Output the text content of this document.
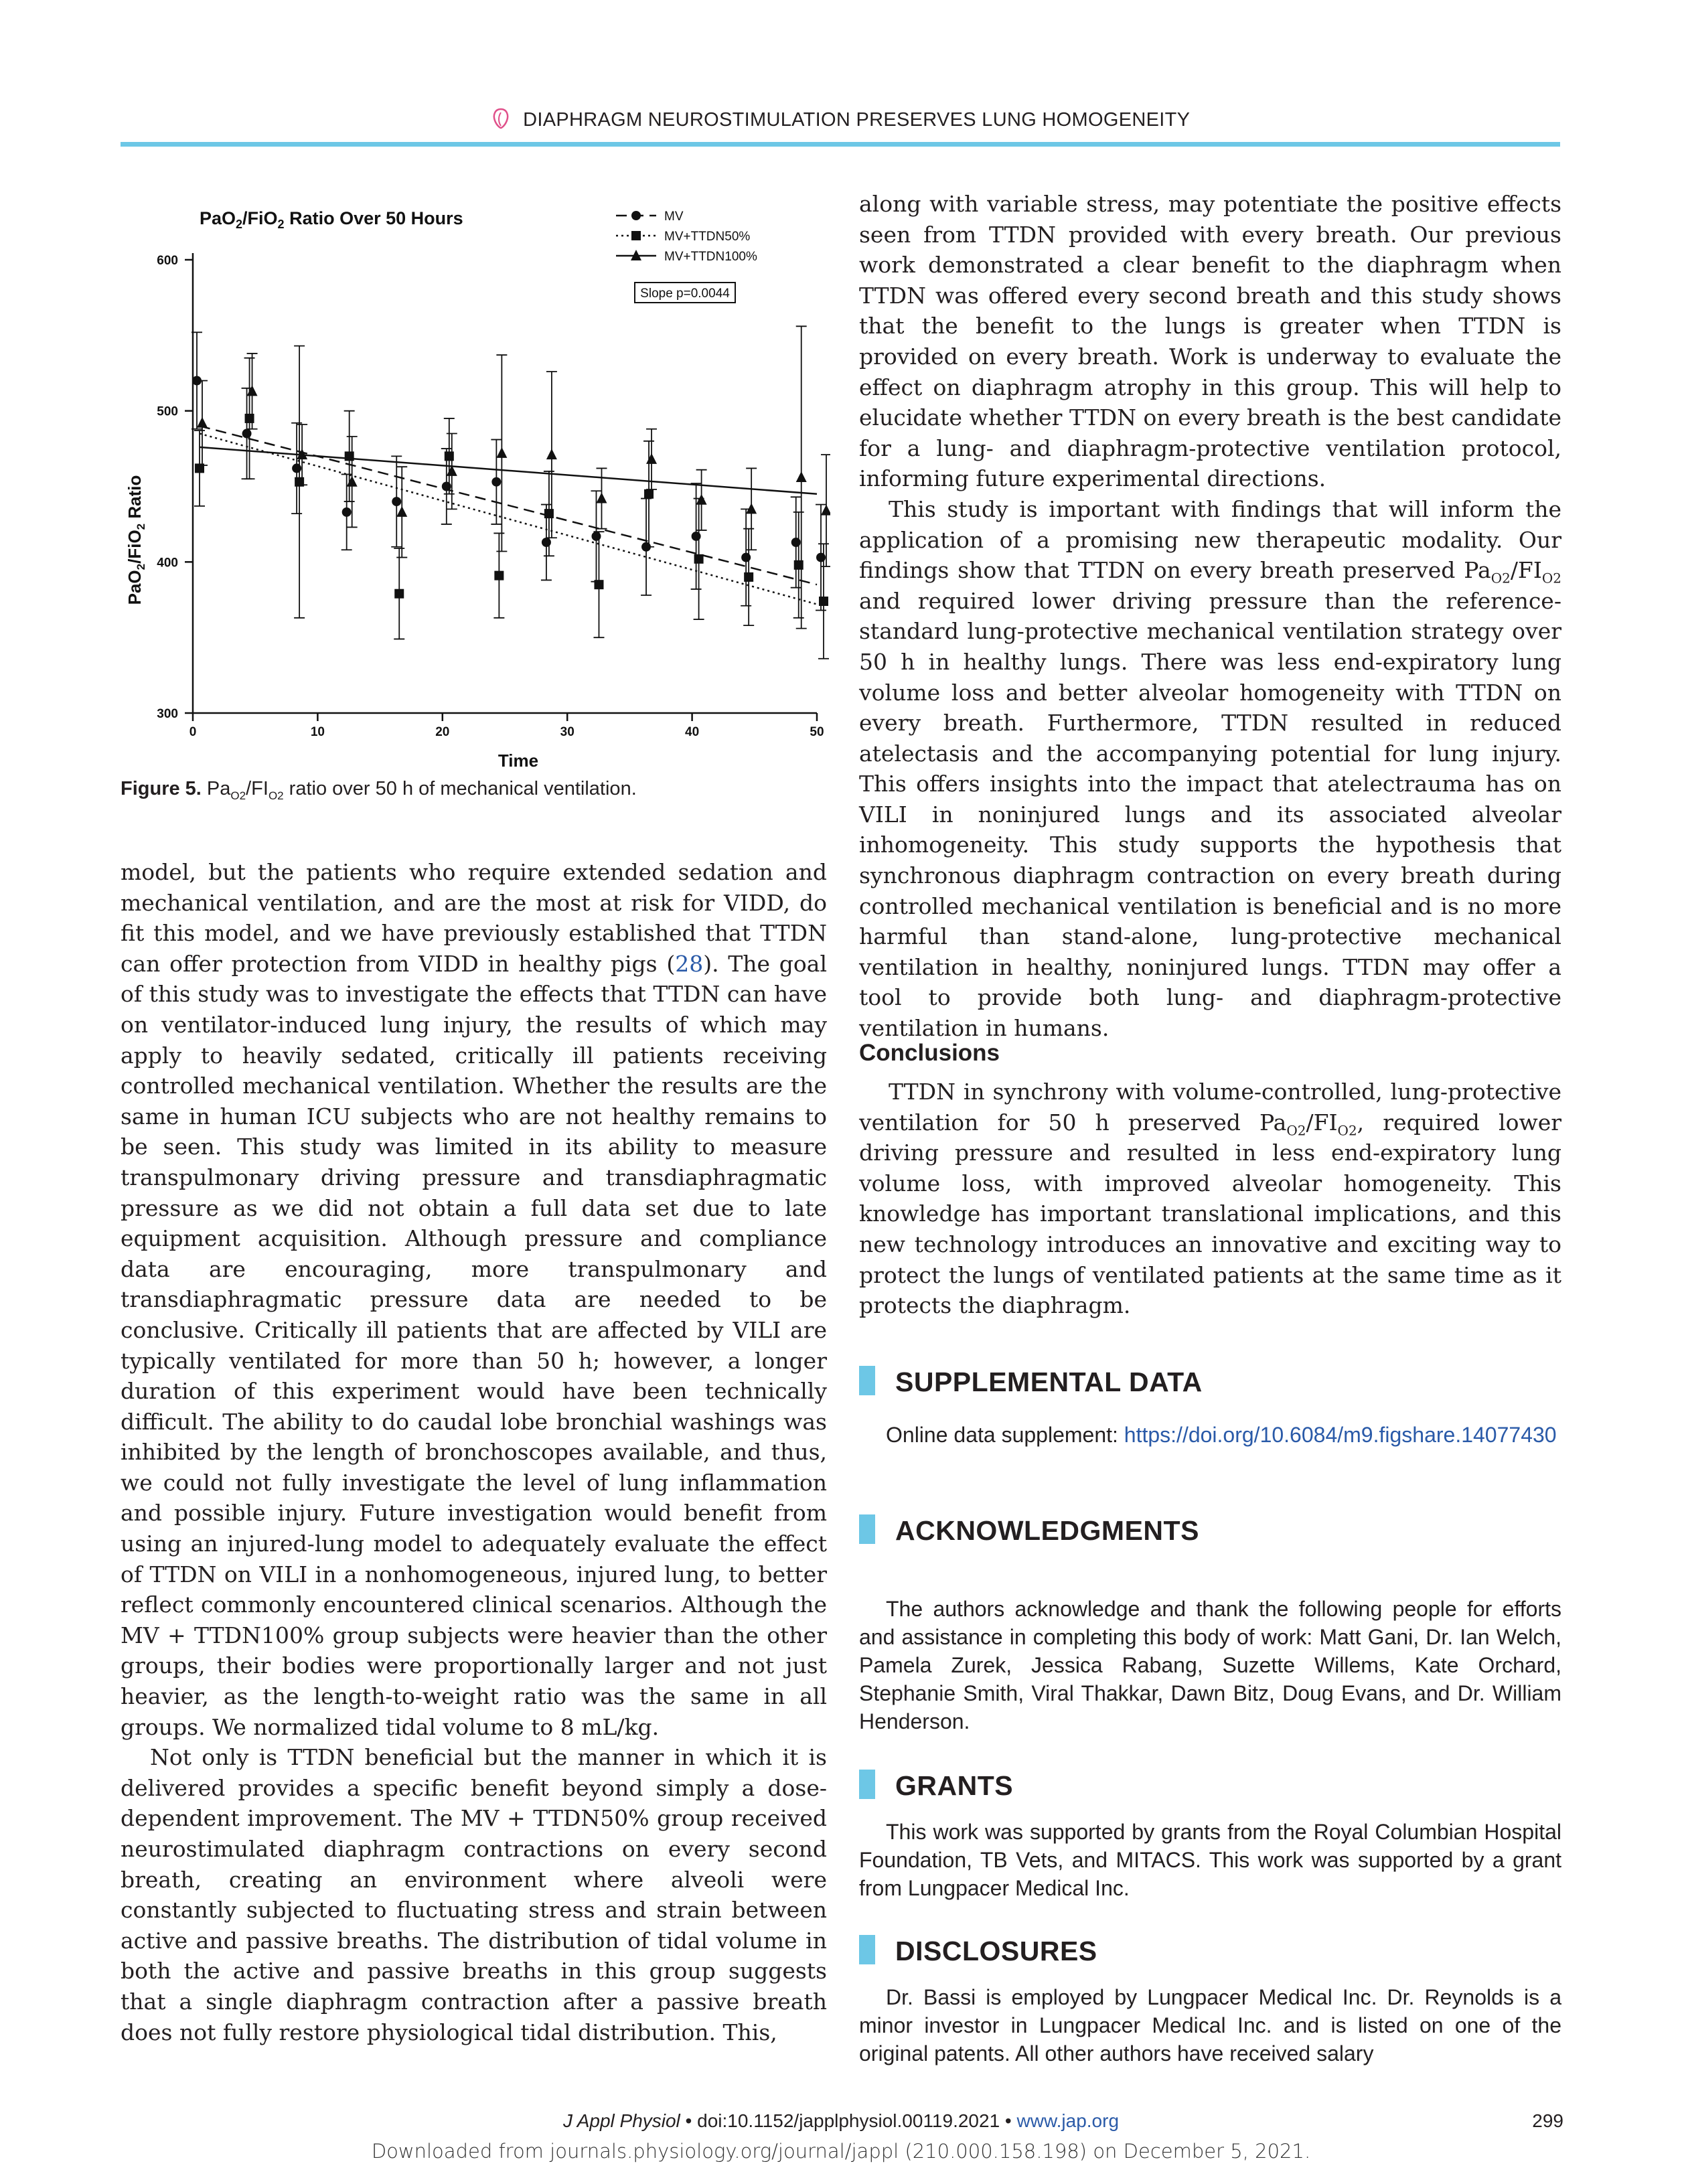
DIAPHRAGM NEUROSTIMULATION PRESERVES LUNG HOMOGENEITY
PaO$_2$/FiO$_2$ Ratio Over 50 Hours
PaO$_2$/FiO$_2$ Ratio
Time
300
400
500
600
0	10	20	30	40	50
MV
MV+TTDN50%
MV+TTDN100%
Slope p=0.0044
Figure 5. $Pa_{O2}/FI_{O2}$ ratio over 50 h of mechanical ventilation.

model, but the patients who require extended sedation and mechanical ventilation, and are the most at risk for VIDD, do fit this model, and we have previously established that TTDN can offer protection from VIDD in healthy pigs (28). The goal of this study was to investigate the effects that TTDN can have on ventilator-induced lung injury, the results of which may apply to heavily sedated, critically ill patients receiving controlled mechanical ventilation. Whether the results are the same in human ICU subjects who are not healthy remains to be seen. This study was limited in its ability to measure transpulmonary driving pressure and transdiaphragmatic pressure as we did not obtain a full data set due to late equipment acquisition. Although pressure and compliance data are encouraging, more transpulmonary and transdiaphragmatic pressure data are needed to be conclusive. Critically ill patients that are affected by VILI are typically ventilated for more than 50 h; however, a longer duration of this experiment would have been technically difficult. The ability to do caudal lobe bronchial washings was inhibited by the length of bronchoscopes available, and thus, we could not fully investigate the level of lung inflammation and possible injury. Future investigation would benefit from using an injured-lung model to adequately evaluate the effect of TTDN on VILI in a nonhomogeneous, injured lung, to better reflect commonly encountered clinical scenarios. Although the MV + TTDN100% group subjects were heavier than the other groups, their bodies were proportionally larger and not just heavier, as the length-to-weight ratio was the same in all groups. We normalized tidal volume to 8 mL/kg.

Not only is TTDN beneficial but the manner in which it is delivered provides a specific benefit beyond simply a dose-dependent improvement. The MV + TTDN50% group received neurostimulated diaphragm contractions on every second breath, creating an environment where alveoli were constantly subjected to fluctuating stress and strain between active and passive breaths. The distribution of tidal volume in both the active and passive breaths in this group suggests that a single diaphragm contraction after a passive breath does not fully restore physiological tidal distribution. This,

along with variable stress, may potentiate the positive effects seen from TTDN provided with every breath. Our previous work demonstrated a clear benefit to the diaphragm when TTDN was offered every second breath and this study shows that the benefit to the lungs is greater when TTDN is provided on every breath. Work is underway to evaluate the effect on diaphragm atrophy in this group. This will help to elucidate whether TTDN on every breath is the best candidate for a lung- and diaphragm-protective ventilation protocol, informing future experimental directions.

This study is important with findings that will inform the application of a promising new therapeutic modality. Our findings show that TTDN on every breath preserved $Pa_{O2}/FI_{O2}$ and required lower driving pressure than the reference-standard lung-protective mechanical ventilation strategy over 50 h in healthy lungs. There was less end-expiratory lung volume loss and better alveolar homogeneity with TTDN on every breath. Furthermore, TTDN resulted in reduced atelectasis and the accompanying potential for lung injury. This offers insights into the impact that atelectrauma has on VILI in noninjured lungs and its associated alveolar inhomogeneity. This study supports the hypothesis that synchronous diaphragm contraction on every breath during controlled mechanical ventilation is beneficial and is no more harmful than stand-alone, lung-protective mechanical ventilation in healthy, noninjured lungs. TTDN may offer a tool to provide both lung- and diaphragm-protective ventilation in humans.

Conclusions

TTDN in synchrony with volume-controlled, lung-protective ventilation for 50 h preserved $Pa_{O2}/FI_{O2}$, required lower driving pressure and resulted in less end-expiratory lung volume loss, with improved alveolar homogeneity. This knowledge has important translational implications, and this new technology introduces an innovative and exciting way to protect the lungs of ventilated patients at the same time as it protects the diaphragm.

SUPPLEMENTAL DATA
Online data supplement: https://doi.org/10.6084/m9.figshare.14077430
ACKNOWLEDGMENTS
The authors acknowledge and thank the following people for efforts and assistance in completing this body of work: Matt Gani, Dr. Ian Welch, Pamela Zurek, Jessica Rabang, Suzette Willems, Kate Orchard, Stephanie Smith, Viral Thakkar, Dawn Bitz, Doug Evans, and Dr. William Henderson.
GRANTS
This work was supported by grants from the Royal Columbian Hospital Foundation, TB Vets, and MITACS. This work was supported by a grant from Lungpacer Medical Inc.
DISCLOSURES
Dr. Bassi is employed by Lungpacer Medical Inc. Dr. Reynolds is a minor investor in Lungpacer Medical Inc. and is listed on one of the original patents. All other authors have received salary
J Appl Physiol • doi:10.1152/japplphysiol.00119.2021 • www.jap.org	299
Downloaded from journals.physiology.org/journal/jappl (210.000.158.198) on December 5, 2021.
